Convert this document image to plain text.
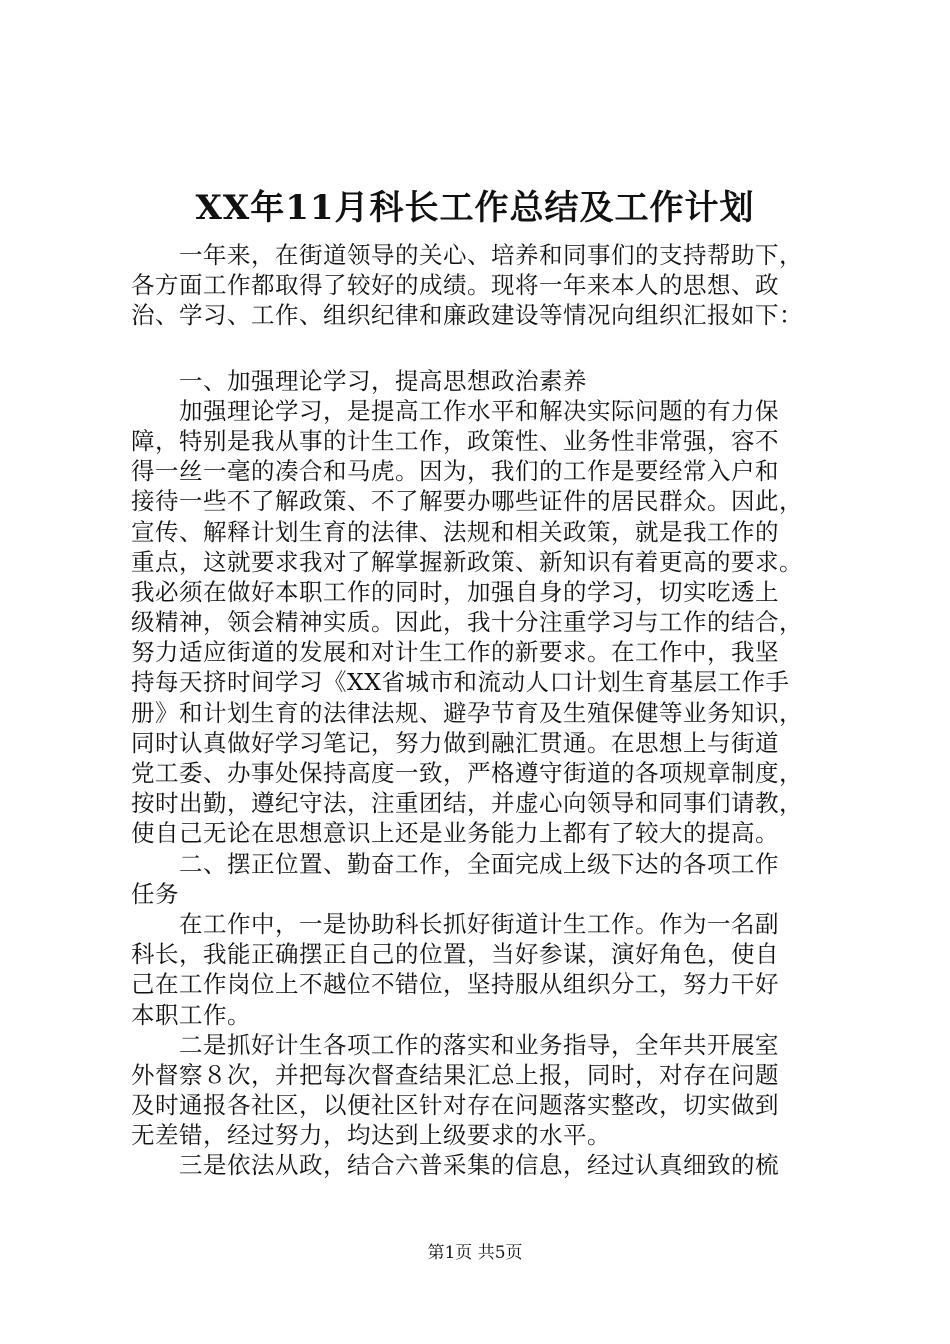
XX年11月科长工作总结及工作计划
　　一年来，在街道领导的关心、培养和同事们的支持帮助下，
各方面工作都取得了较好的成绩。现将一年来本人的思想、政
治、学习、工作、组织纪律和廉政建设等情况向组织汇报如下：
　　一、加强理论学习，提高思想政治素养
　　加强理论学习，是提高工作水平和解决实际问题的有力保
障，特别是我从事的计生工作，政策性、业务性非常强，容不
得一丝一毫的凑合和马虎。因为，我们的工作是要经常入户和
接待一些不了解政策、不了解要办哪些证件的居民群众。因此，
宣传、解释计划生育的法律、法规和相关政策，就是我工作的
重点，这就要求我对了解掌握新政策、新知识有着更高的要求。
我必须在做好本职工作的同时，加强自身的学习，切实吃透上
级精神，领会精神实质。因此，我十分注重学习与工作的结合，
努力适应街道的发展和对计生工作的新要求。在工作中，我坚
持每天挤时间学习《XX省城市和流动人口计划生育基层工作手
册》和计划生育的法律法规、避孕节育及生殖保健等业务知识，
同时认真做好学习笔记，努力做到融汇贯通。在思想上与街道
党工委、办事处保持高度一致，严格遵守街道的各项规章制度，
按时出勤，遵纪守法，注重团结，并虚心向领导和同事们请教，
使自己无论在思想意识上还是业务能力上都有了较大的提高。
　　二、摆正位置、勤奋工作，全面完成上级下达的各项工作
任务
　　在工作中，一是协助科长抓好街道计生工作。作为一名副
科长，我能正确摆正自己的位置，当好参谋，演好角色，使自
己在工作岗位上不越位不错位，坚持服从组织分工，努力干好
本职工作。
　　二是抓好计生各项工作的落实和业务指导，全年共开展室
外督察８次，并把每次督查结果汇总上报，同时，对存在问题
及时通报各社区，以便社区针对存在问题落实整改，切实做到
无差错，经过努力，均达到上级要求的水平。
　　三是依法从政，结合六普采集的信息，经过认真细致的梳
第1页 共5页
